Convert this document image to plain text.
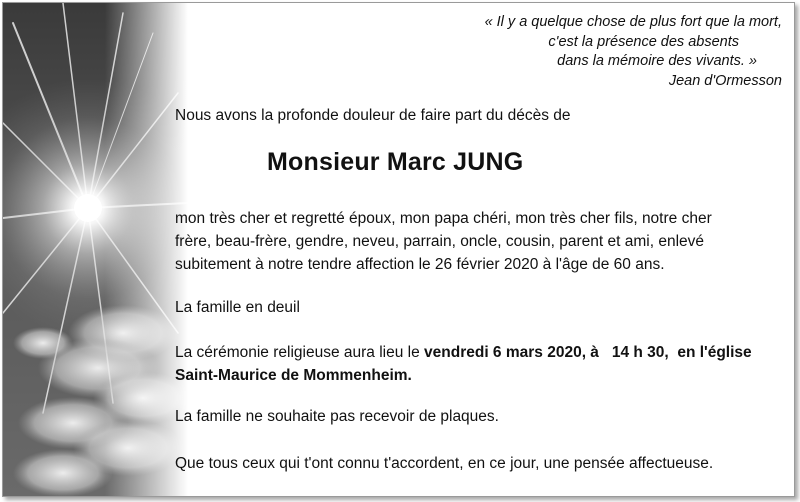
« Il y a quelque chose de plus fort que la mort,
c'est la présence des absents
dans la mémoire des vivants. »
Jean d'Ormesson
Nous avons la profonde douleur de faire part du décès de
Monsieur Marc JUNG
mon très cher et regretté époux, mon papa chéri, mon très cher fils, notre cher
frère, beau-frère, gendre, neveu, parrain, oncle, cousin, parent et ami, enlevé
subitement à notre tendre affection le 26 février 2020 à l'âge de 60 ans.
La famille en deuil
La cérémonie religieuse aura lieu le vendredi 6 mars 2020, à   14 h 30,  en l'église
Saint-Maurice de Mommenheim.
La famille ne souhaite pas recevoir de plaques.
Que tous ceux qui t'ont connu t'accordent, en ce jour, une pensée affectueuse.
